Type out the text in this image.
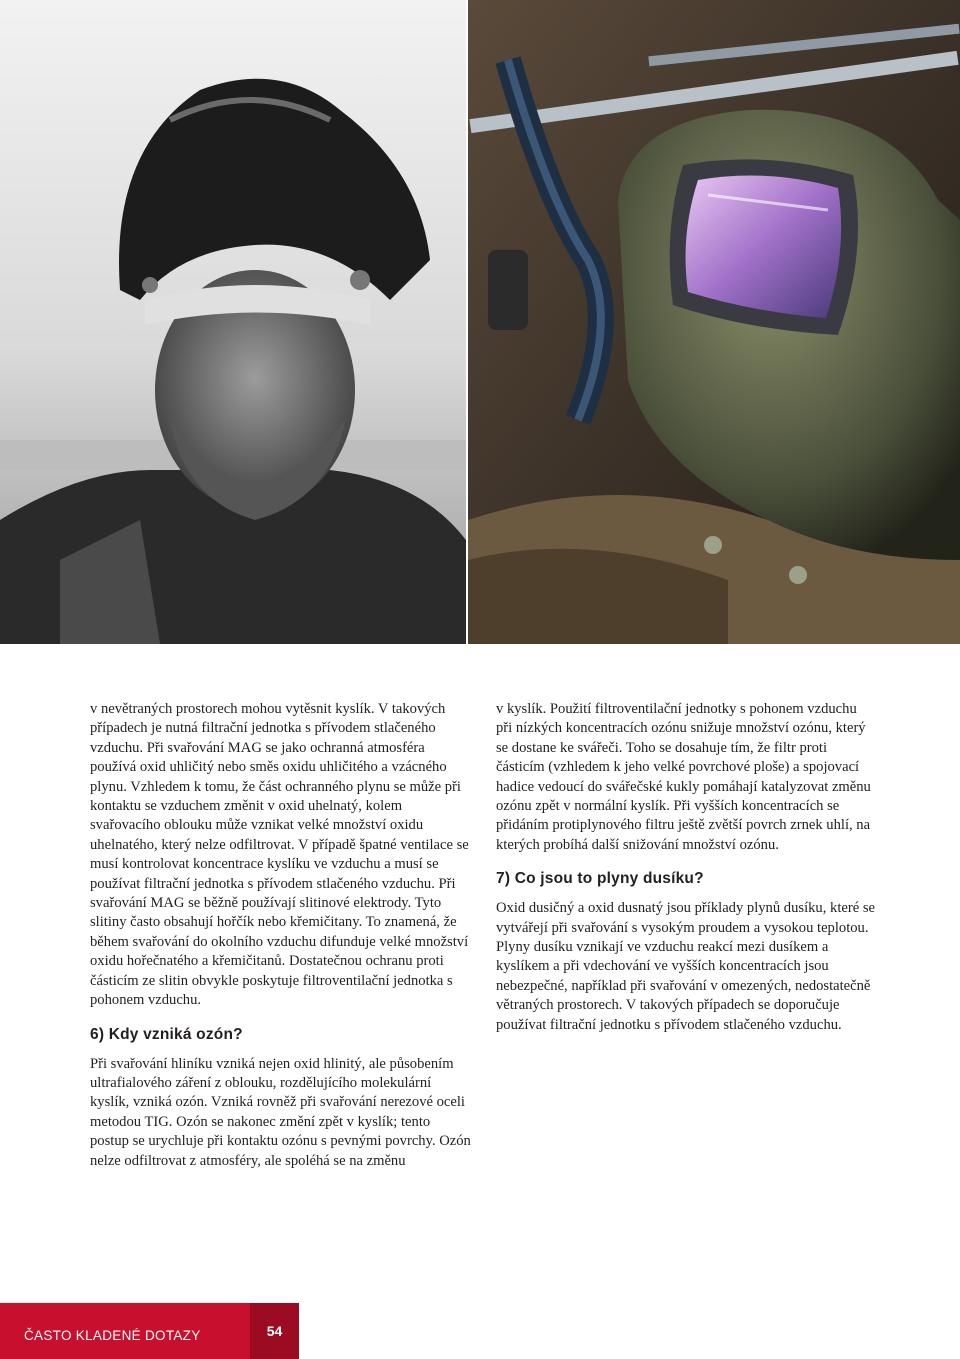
v nevětraných prostorech mohou vytěsnit kyslík. V takových případech je nutná filtrační jednotka s přívodem stlačeného vzduchu. Při svařování MAG se jako ochranná atmosféra používá oxid uhličitý nebo směs oxidu uhličitého a vzácného plynu. Vzhledem k tomu, že část ochranného plynu se může při kontaktu se vzduchem změnit v oxid uhelnatý, kolem svařovacího oblouku může vznikat velké množství oxidu uhelnatého, který nelze odfiltrovat. V případě špatné ventilace se musí kontrolovat koncentrace kyslíku ve vzduchu a musí se používat filtrační jednotka s přívodem stlačeného vzduchu. Při svařování MAG se běžně používají slitinové elektrody. Tyto slitiny často obsahují hořčík nebo křemičitany. To znamená, že během svařování do okolního vzduchu difunduje velké množství oxidu hořečnatého a křemičitanů. Dostatečnou ochranu proti částicím ze slitin obvykle poskytuje filtroventilační jednotka s pohonem vzduchu.

6) Kdy vzniká ozón?

Při svařování hliníku vzniká nejen oxid hlinitý, ale působením ultrafialového záření z oblouku, rozdělujícího molekulární kyslík, vzniká ozón. Vzniká rovněž při svařování nerezové oceli metodou TIG. Ozón se nakonec změní zpět v kyslík; tento postup se urychluje při kontaktu ozónu s pevnými povrchy. Ozón nelze odfiltrovat z atmosféry, ale spoléhá se na změnu

v kyslík. Použití filtroventilační jednotky s pohonem vzduchu při nízkých koncentracích ozónu snižuje množství ozónu, který se dostane ke svářeči. Toho se dosahuje tím, že filtr proti částicím (vzhledem k jeho velké povrchové ploše) a spojovací hadice vedoucí do svářečské kukly pomáhají katalyzovat změnu ozónu zpět v normální kyslík. Při vyšších koncentracích se přidáním protiplynového filtru ještě zvětší povrch zrnek uhlí, na kterých probíhá další snižování množství ozónu.

7) Co jsou to plyny dusíku?

Oxid dusičný a oxid dusnatý jsou příklady plynů dusíku, které se vytvářejí při svařování s vysokým proudem a vysokou teplotou. Plyny dusíku vznikají ve vzduchu reakcí mezi dusíkem a kyslíkem a při vdechování ve vyšších koncentracích jsou nebezpečné, například při svařování v omezených, nedostatečně větraných prostorech. V takových případech se doporučuje používat filtrační jednotku s přívodem stlačeného vzduchu.

ČASTO KLADENÉ DOTAZY	54
